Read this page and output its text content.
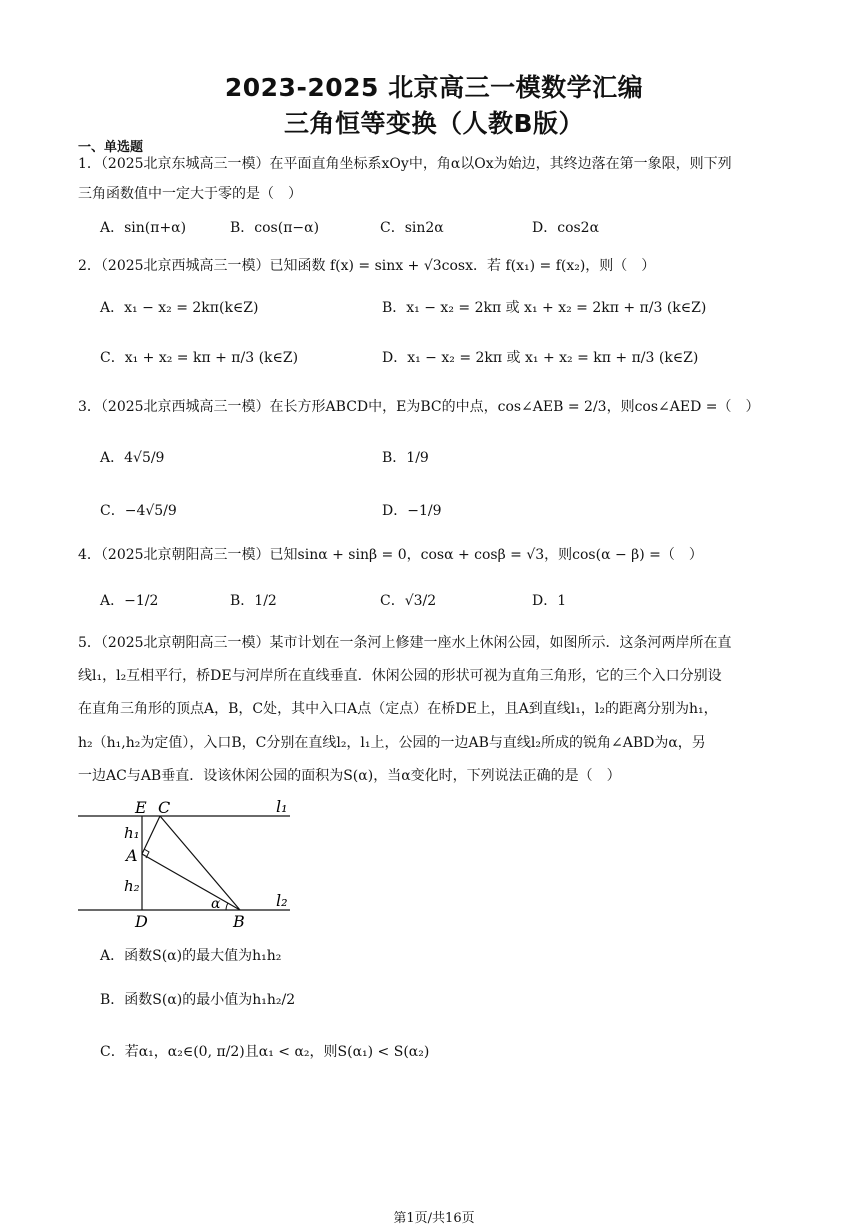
2023-2025 北京高三一模数学汇编
三角恒等变换（人教B版）
一、单选题
1．（2025北京东城高三一模）在平面直角坐标系xOy中，角α以Ox为始边，其终边落在第一象限，则下列
三角函数值中一定大于零的是（　）
A．sin(π+α)	B．cos(π−α)	C．sin2α	D．cos2α
2．（2025北京西城高三一模）已知函数 f(x) = sinx + √3cosx．若 f(x₁) = f(x₂)，则（　）
A．x₁ − x₂ = 2kπ(k∈Z)	B．x₁ − x₂ = 2kπ 或 x₁ + x₂ = 2kπ + π/3 (k∈Z)
C．x₁ + x₂ = kπ + π/3 (k∈Z)	D．x₁ − x₂ = 2kπ 或 x₁ + x₂ = kπ + π/3 (k∈Z)
3．（2025北京西城高三一模）在长方形ABCD中，E为BC的中点，cos∠AEB = 2/3，则cos∠AED =（　）
A．4√5/9	B．1/9
C．−4√5/9	D．−1/9
4．（2025北京朝阳高三一模）已知sinα + sinβ = 0，cosα + cosβ = √3，则cos(α − β) =（　）
A．−1/2	B．1/2	C．√3/2	D．1
5．（2025北京朝阳高三一模）某市计划在一条河上修建一座水上休闲公园，如图所示．这条河两岸所在直
线l₁，l₂互相平行，桥DE与河岸所在直线垂直．休闲公园的形状可视为直角三角形，它的三个入口分别设
在直角三角形的顶点A，B，C处，其中入口A点（定点）在桥DE上，且A到直线l₁，l₂的距离分别为h₁，
h₂（h₁,h₂为定值），入口B，C分别在直线l₂，l₁上，公园的一边AB与直线l₂所成的锐角∠ABD为α，另
一边AC与AB垂直．设该休闲公园的面积为S(α)，当α变化时，下列说法正确的是（　）
E C	l₁
h₁
A
h₂
α	l₂
D	B
A．函数S(α)的最大值为h₁h₂
B．函数S(α)的最小值为h₁h₂/2
C．若α₁，α₂∈(0, π/2)且α₁ < α₂，则S(α₁) < S(α₂)
第1页/共16页
